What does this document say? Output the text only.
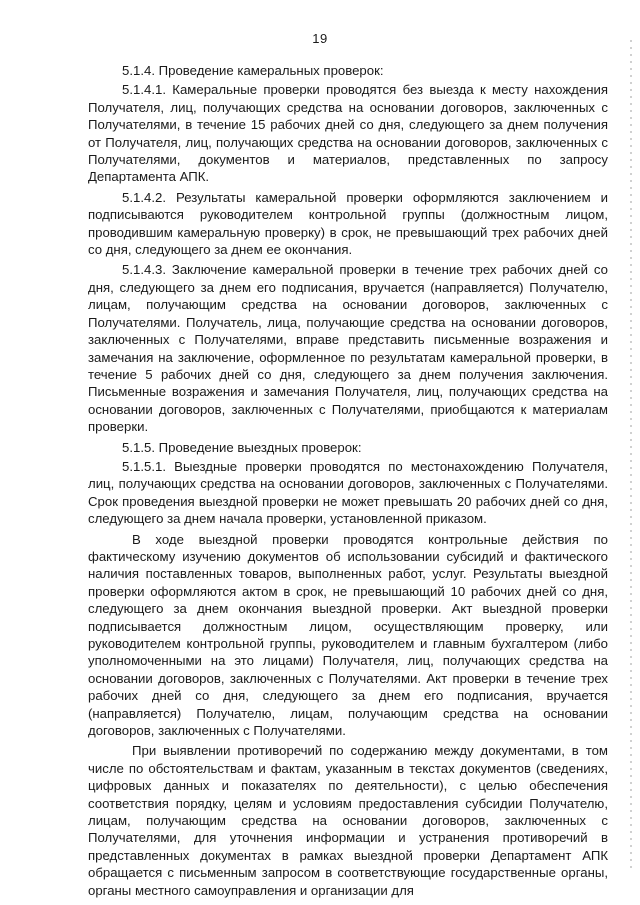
19

5.1.4. Проведение камеральных проверок:

5.1.4.1. Камеральные проверки проводятся без выезда к месту нахождения Получателя, лиц, получающих средства на основании договоров, заключенных с Получателями, в течение 15 рабочих дней со дня, следующего за днем получения от Получателя, лиц, получающих средства на основании договоров, заключенных с Получателями, документов и материалов, представленных по запросу Департамента АПК.

5.1.4.2. Результаты камеральной проверки оформляются заключением и подписываются руководителем контрольной группы (должностным лицом, проводившим камеральную проверку) в срок, не превышающий трех рабочих дней со дня, следующего за днем ее окончания.

5.1.4.3. Заключение камеральной проверки в течение трех рабочих дней со дня, следующего за днем его подписания, вручается (направляется) Получателю, лицам, получающим средства на основании договоров, заключенных с Получателями. Получатель, лица, получающие средства на основании договоров, заключенных с Получателями, вправе представить письменные возражения и замечания на заключение, оформленное по результатам камеральной проверки, в течение 5 рабочих дней со дня, следующего за днем получения заключения. Письменные возражения и замечания Получателя, лиц, получающих средства на основании договоров, заключенных с Получателями, приобщаются к материалам проверки.

5.1.5. Проведение выездных проверок:

5.1.5.1. Выездные проверки проводятся по местонахождению Получателя, лиц, получающих средства на основании договоров, заключенных с Получателями. Срок проведения выездной проверки не может превышать 20 рабочих дней со дня, следующего за днем начала проверки, установленной приказом.

В ходе выездной проверки проводятся контрольные действия по фактическому изучению документов об использовании субсидий и фактического наличия поставленных товаров, выполненных работ, услуг. Результаты выездной проверки оформляются актом в срок, не превышающий 10 рабочих дней со дня, следующего за днем окончания выездной проверки. Акт выездной проверки подписывается должностным лицом, осуществляющим проверку, или руководителем контрольной группы, руководителем и главным бухгалтером (либо уполномоченными на это лицами) Получателя, лиц, получающих средства на основании договоров, заключенных с Получателями. Акт проверки в течение трех рабочих дней со дня, следующего за днем его подписания, вручается (направляется) Получателю, лицам, получающим средства на основании договоров, заключенных с Получателями.

При выявлении противоречий по содержанию между документами, в том числе по обстоятельствам и фактам, указанным в текстах документов (сведениях, цифровых данных и показателях по деятельности), с целью обеспечения соответствия порядку, целям и условиям предоставления субсидии Получателю, лицам, получающим средства на основании договоров, заключенных с Получателями, для уточнения информации и устранения противоречий в представленных документах в рамках выездной проверки Департамент АПК обращается с письменным запросом в соответствующие государственные органы, органы местного самоуправления и организации для
